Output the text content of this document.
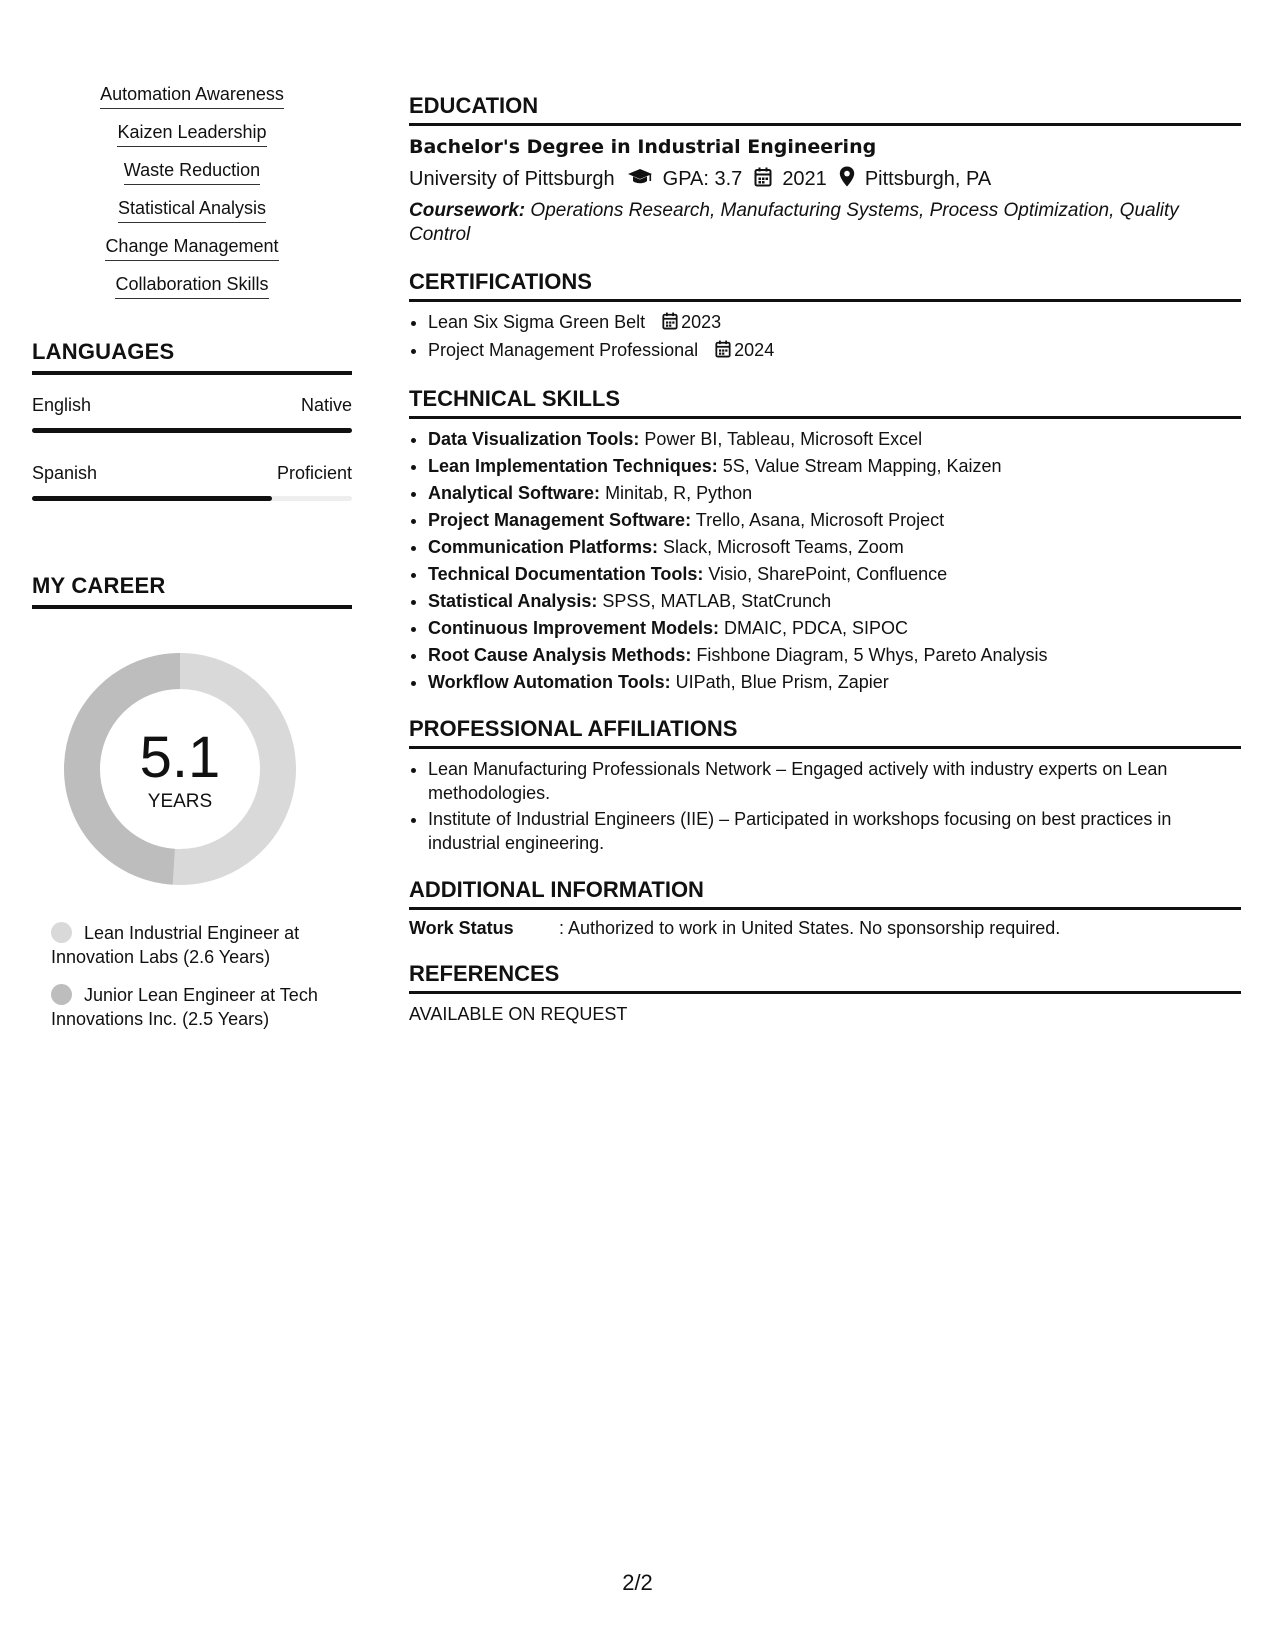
Automation Awareness
Kaizen Leadership
Waste Reduction
Statistical Analysis
Change Management
Collaboration Skills
LANGUAGES
English	Native
Spanish	Proficient
MY CAREER
5.1
YEARS
Lean Industrial Engineer at Innovation Labs (2.6 Years)
Junior Lean Engineer at Tech Innovations Inc. (2.5 Years)
EDUCATION
Bachelor's Degree in Industrial Engineering
University of Pittsburgh GPA: 3.7 2021 Pittsburgh, PA
Coursework: Operations Research, Manufacturing Systems, Process Optimization, Quality Control
CERTIFICATIONS
• Lean Six Sigma Green Belt 2023
• Project Management Professional 2024
TECHNICAL SKILLS
• Data Visualization Tools: Power BI, Tableau, Microsoft Excel
• Lean Implementation Techniques: 5S, Value Stream Mapping, Kaizen
• Analytical Software: Minitab, R, Python
• Project Management Software: Trello, Asana, Microsoft Project
• Communication Platforms: Slack, Microsoft Teams, Zoom
• Technical Documentation Tools: Visio, SharePoint, Confluence
• Statistical Analysis: SPSS, MATLAB, StatCrunch
• Continuous Improvement Models: DMAIC, PDCA, SIPOC
• Root Cause Analysis Methods: Fishbone Diagram, 5 Whys, Pareto Analysis
• Workflow Automation Tools: UIPath, Blue Prism, Zapier
PROFESSIONAL AFFILIATIONS
• Lean Manufacturing Professionals Network – Engaged actively with industry experts on Lean methodologies.
• Institute of Industrial Engineers (IIE) – Participated in workshops focusing on best practices in industrial engineering.
ADDITIONAL INFORMATION
Work Status	: Authorized to work in United States. No sponsorship required.
REFERENCES
AVAILABLE ON REQUEST
2/2
